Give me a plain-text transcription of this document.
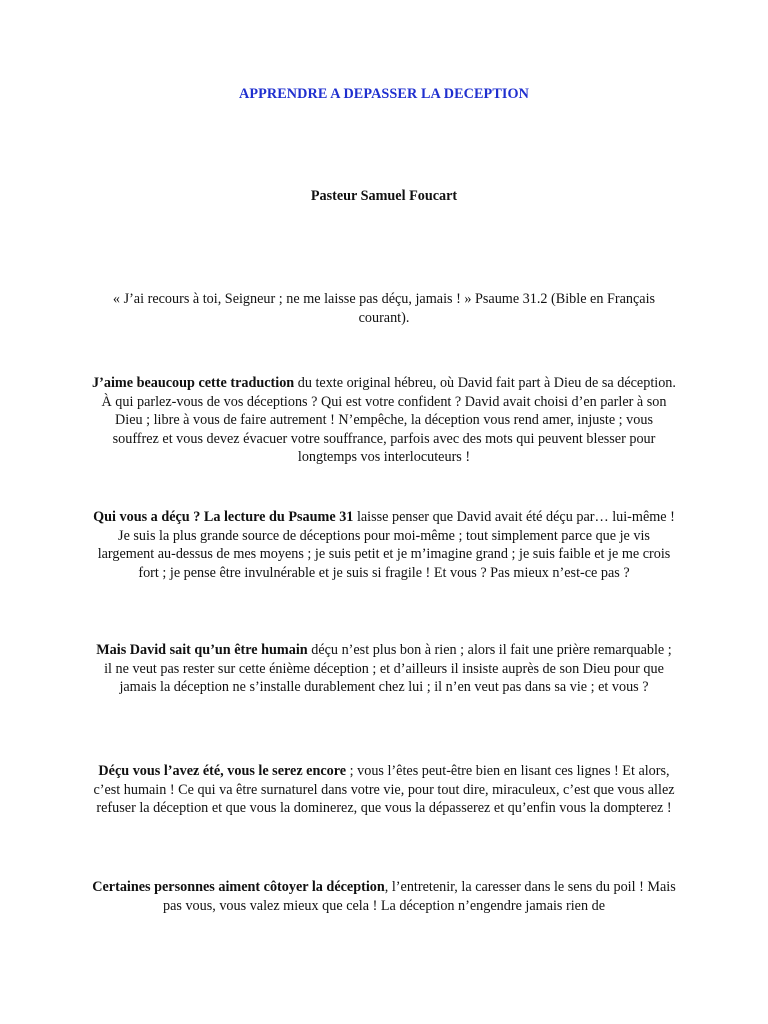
APPRENDRE A DEPASSER LA DECEPTION
Pasteur Samuel Foucart
« J’ai recours à toi, Seigneur ; ne me laisse pas déçu, jamais ! » Psaume 31.2 (Bible en Français courant).
J’aime beaucoup cette traduction du texte original hébreu, où David fait part à Dieu de sa déception. À qui parlez-vous de vos déceptions ? Qui est votre confident ? David avait choisi d’en parler à son Dieu ; libre à vous de faire autrement ! N’empêche, la déception vous rend amer, injuste ; vous souffrez et vous devez évacuer votre souffrance, parfois avec des mots qui peuvent blesser pour longtemps vos interlocuteurs !
Qui vous a déçu ? La lecture du Psaume 31 laisse penser que David avait été déçu par… lui-même ! Je suis la plus grande source de déceptions pour moi-même ; tout simplement parce que je vis largement au-dessus de mes moyens ; je suis petit et je m’imagine grand ; je suis faible et je me crois fort ; je pense être invulnérable et je suis si fragile ! Et vous ? Pas mieux n’est-ce pas ?
Mais David sait qu’un être humain déçu n’est plus bon à rien ; alors il fait une prière remarquable ; il ne veut pas rester sur cette énième déception ; et d’ailleurs il insiste auprès de son Dieu pour que jamais la déception ne s’installe durablement chez lui ; il n’en veut pas dans sa vie ; et vous ?
Déçu vous l’avez été, vous le serez encore ; vous l’êtes peut-être bien en lisant ces lignes ! Et alors, c’est humain ! Ce qui va être surnaturel dans votre vie, pour tout dire, miraculeux, c’est que vous allez refuser la déception et que vous la dominerez, que vous la dépasserez et qu’enfin vous la dompterez !
Certaines personnes aiment côtoyer la déception, l’entretenir, la caresser dans le sens du poil ! Mais pas vous, vous valez mieux que cela ! La déception n’engendre jamais rien de
